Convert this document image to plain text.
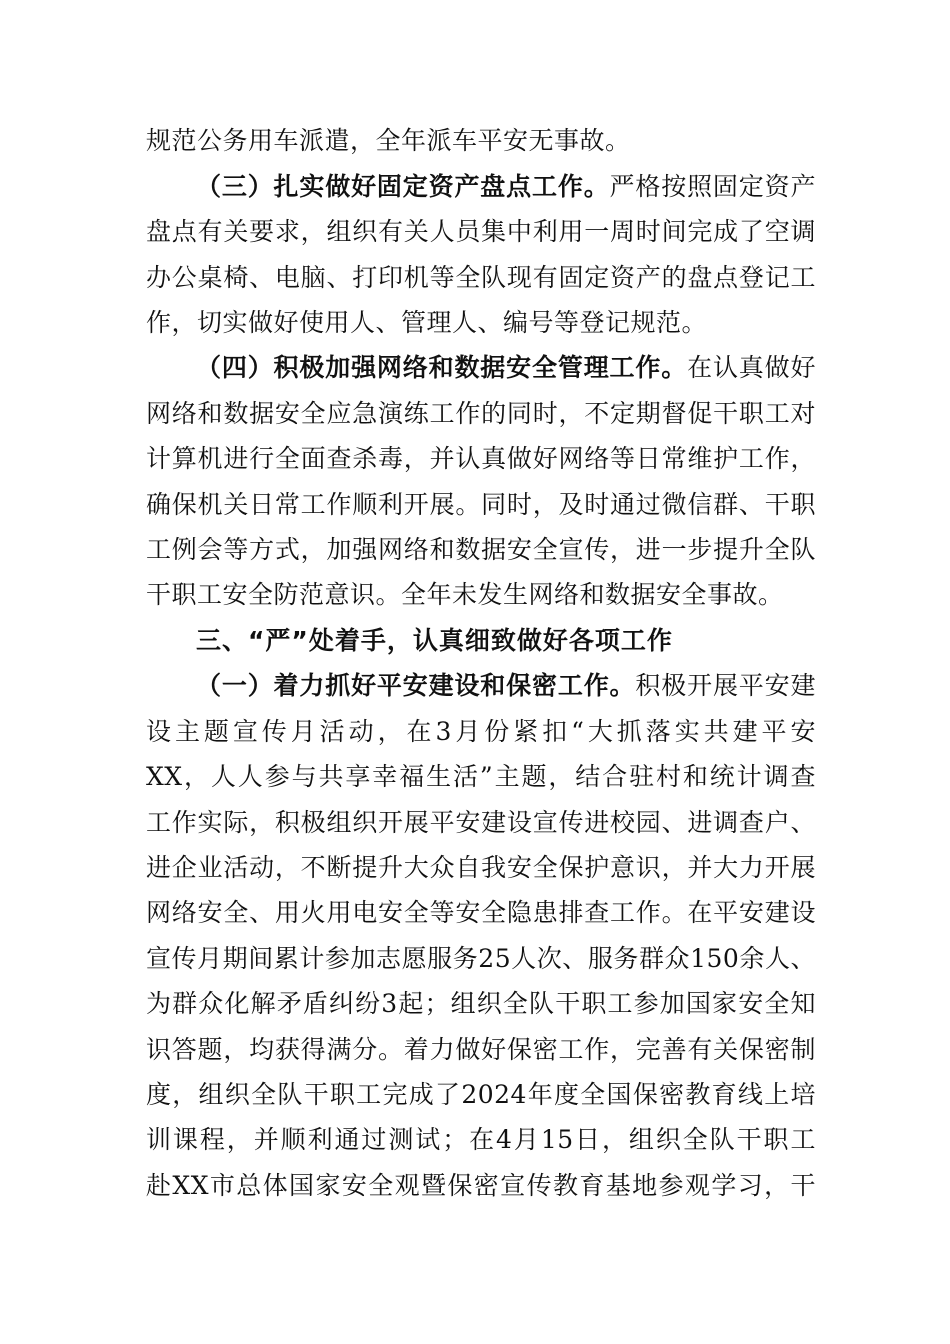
规范公务用车派遣，全年派车平安无事故。
（三）扎实做好固定资产盘点工作。严格按照固定资产
盘点有关要求，组织有关人员集中利用一周时间完成了空调
办公桌椅、电脑、打印机等全队现有固定资产的盘点登记工
作，切实做好使用人、管理人、编号等登记规范。
（四）积极加强网络和数据安全管理工作。在认真做好
网络和数据安全应急演练工作的同时，不定期督促干职工对
计算机进行全面查杀毒，并认真做好网络等日常维护工作，
确保机关日常工作顺利开展。同时，及时通过微信群、干职
工例会等方式，加强网络和数据安全宣传，进一步提升全队
干职工安全防范意识。全年未发生网络和数据安全事故。
三、“严”处着手，认真细致做好各项工作
（一）着力抓好平安建设和保密工作。积极开展平安建
设主题宣传月活动，在3月份紧扣“大抓落实共建平安
XX，人人参与共享幸福生活”主题，结合驻村和统计调查
工作实际，积极组织开展平安建设宣传进校园、进调查户、
进企业活动，不断提升大众自我安全保护意识，并大力开展
网络安全、用火用电安全等安全隐患排查工作。在平安建设
宣传月期间累计参加志愿服务25人次、服务群众150余人、
为群众化解矛盾纠纷3起；组织全队干职工参加国家安全知
识答题，均获得满分。着力做好保密工作，完善有关保密制
度，组织全队干职工完成了2024年度全国保密教育线上培
训课程，并顺利通过测试；在4月15日，组织全队干职工
赴XX市总体国家安全观暨保密宣传教育基地参观学习，干
